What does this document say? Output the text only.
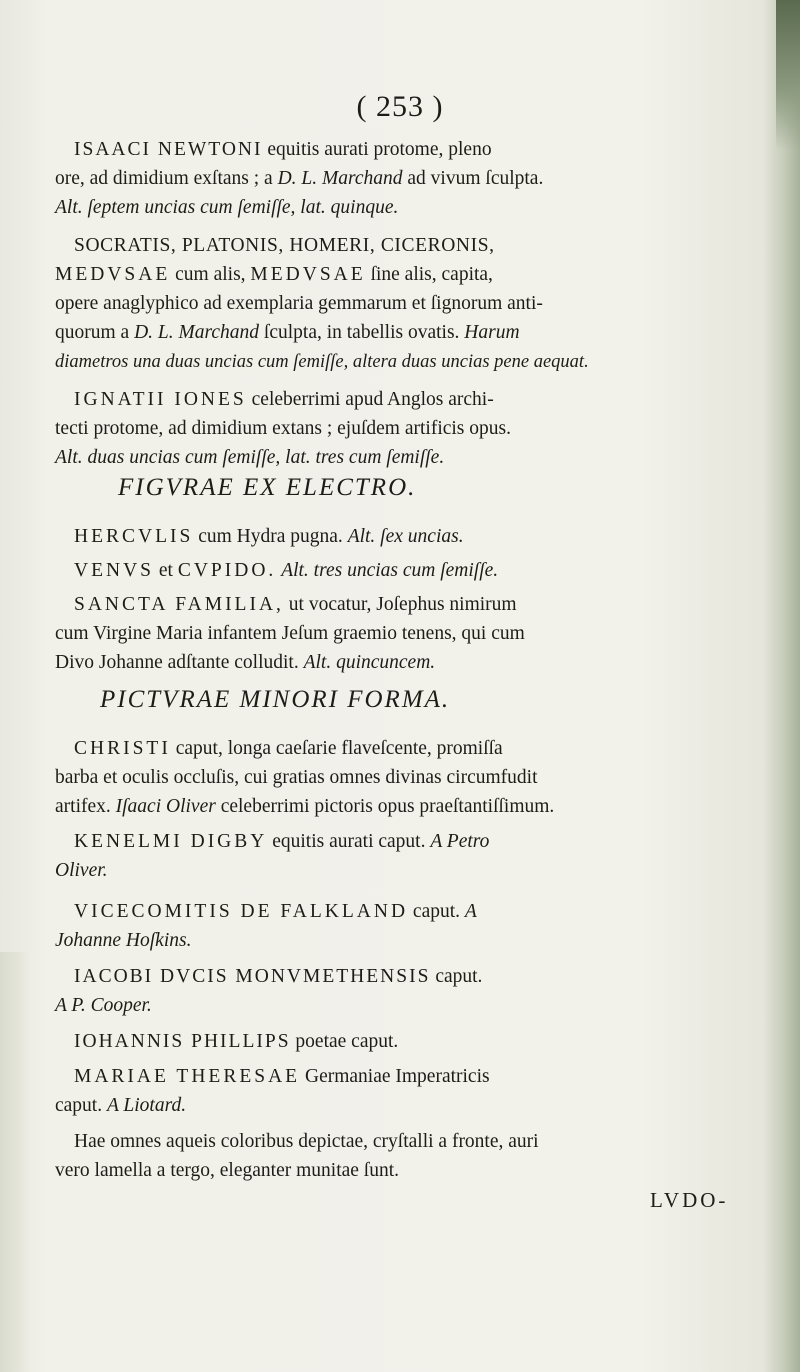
( 253 )
ISAACI NEWTONI equitis aurati protome, pleno
ore, ad dimidium exſtans ; a D. L. Marchand ad vivum ſculpta.
Alt. ſeptem uncias cum ſemiſſe, lat. quinque.
SOCRATIS, PLATONIS, HOMERI, CICERONIS,
MEDVSAE cum alis, MEDVSAE ſine alis, capita,
opere anaglyphico ad exemplaria gemmarum et ſignorum anti-
quorum a D. L. Marchand ſculpta, in tabellis ovatis. Harum
diametros una duas uncias cum ſemiſſe, altera duas uncias pene aequat.
IGNATII IONES celeberrimi apud Anglos archi-
tecti protome, ad dimidium extans ; ejuſdem artificis opus.
Alt. duas uncias cum ſemiſſe, lat. tres cum ſemiſſe.
FIGVRAE EX ELECTRO.
HERCVLIS cum Hydra pugna. Alt. ſex uncias.
VENVS et CVPIDO. Alt. tres uncias cum ſemiſſe.
SANCTA FAMILIA, ut vocatur, Joſephus nimirum
cum Virgine Maria infantem Jeſum graemio tenens, qui cum
Divo Johanne adſtante colludit. Alt. quincuncem.
PICTVRAE MINORI FORMA.
CHRISTI caput, longa caeſarie flaveſcente, promiſſa
barba et oculis occluſis, cui gratias omnes divinas circumfudit
artifex. Iſaaci Oliver celeberrimi pictoris opus praeſtantiſſimum.
KENELMI DIGBY equitis aurati caput. A Petro
Oliver.
VICECOMITIS DE FALKLAND caput. A
Johanne Hoſkins.
IACOBI DVCIS MONVMETHENSIS caput.
A P. Cooper.
IOHANNIS PHILLIPS poetae caput.
MARIAE THERESAE Germaniae Imperatricis
caput. A Liotard.
Hae omnes aqueis coloribus depictae, cryſtalli a fronte, auri
vero lamella a tergo, eleganter munitae ſunt.
LVDO-
